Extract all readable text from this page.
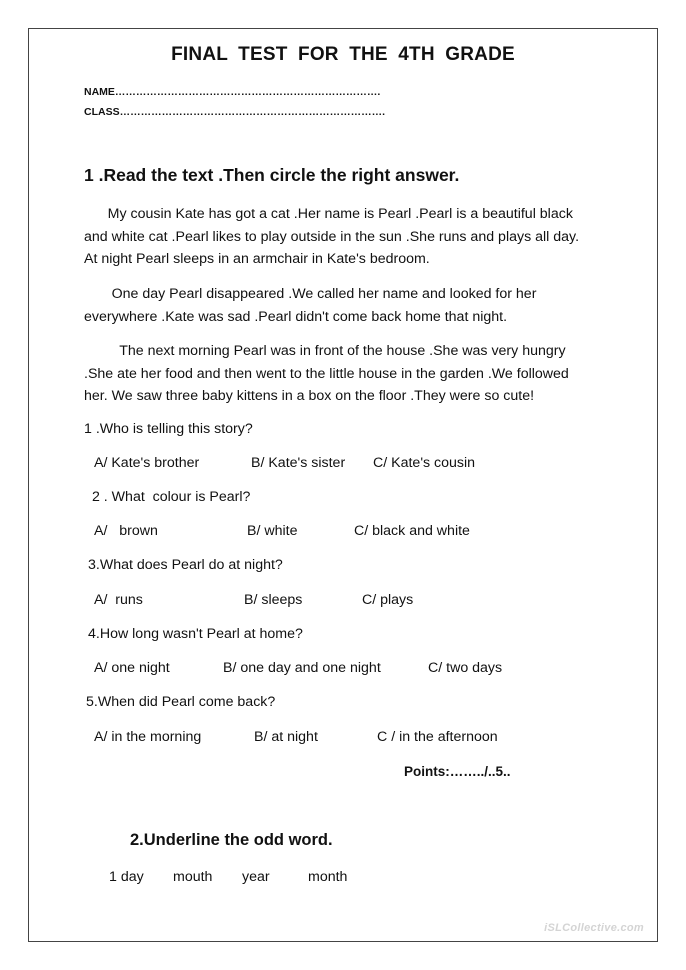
FINAL TEST FOR THE 4TH GRADE
NAME………………………………………………………………….
CLASS………………………………………………………………….
1 .Read the text .Then circle the right answer.
My cousin Kate has got a cat .Her name is Pearl .Pearl is a beautiful black
and white cat .Pearl likes to play outside in the sun .She runs and plays all day.
At night Pearl sleeps in an armchair in Kate's bedroom.
One day Pearl disappeared .We called her name and looked for her
everywhere .Kate was sad .Pearl didn't come back home that night.
The next morning Pearl was in front of the house .She was very hungry
.She ate her food and then went to the little house in the garden .We followed
her. We saw three baby kittens in a box on the floor .They were so cute!
1 .Who is telling this story?
A/ Kate's brother	B/ Kate's sister C/ Kate's cousin
2 . What  colour is Pearl?
A/   brown	B/ white	C/ black and white
3.What does Pearl do at night?
A/  runs	B/ sleeps	C/ plays
4.How long wasn't Pearl at home?
A/ one night	B/ one day and one night	C/ two days
5.When did Pearl come back?
A/ in the morning	B/ at night	C / in the afternoon
Points:……../..5..
2.Underline the odd word.
1 day mouth year	month
iSLCollective.com
